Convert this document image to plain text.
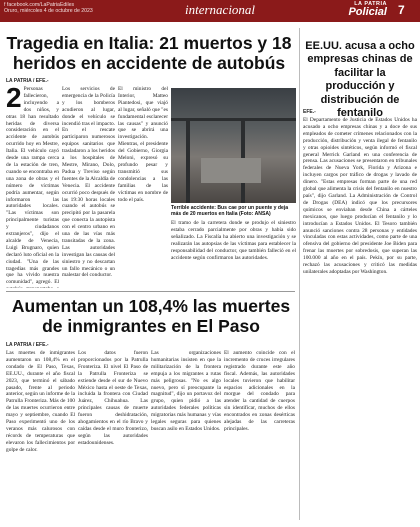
f facebook.com/LaPatriaEdiles
Oruro, miércoles 4 de octubre de 2023	internacional	LA PATRIA
Policial 7
Tragedia en Italia: 21 muertos y 18 heridos en accidente de autobús
LA PATRIA / EFE.-
2 Personas fallecieron, incluyendo a dos niños, y otras 18 han resultado heridas de diversa consideración en el accidente de autobús ocurrido hoy en Mestre, Italia. El vehículo cayó desde una rampa cerca de la estación de tren, cuando se encontraba en una zona de obras y el número de víctimas podría aumentar, según informaron las autoridades locales. "Las víctimas son principalmente turistas y ciudadanos extranjeros", dijo el alcalde de Venecia, Luigi Brugnaro, quien declaró luto oficial en la ciudad. "Una de las tragedias más grandes que ha vivido nuestra comunidad", agregó. El
Los servicios de emergencia de la Policía y los bomberos acudieron al lugar, donde el vehículo se incendió tras el impacto. En el rescate participaron numerosos equipos sanitarios que trasladaron a los heridos a los hospitales de Mestre, Mirano, Dolo, Padua y Treviso según fuentes de la Alcaldía de Venecia. El accidente ocurrió poco después de las 19:30 horas locales cuando el autobús se precipitó por la pasarela que conecta la autopista con el centro urbano en una de las vías más transitadas de la zona. Las autoridades investigan las causas del siniestro y no descartan un fallo mecánico o un malestar del conductor.
El ministro del Interior, Matteo Piantedosi, que viajó al lugar, señaló que "es fundamental esclarecer las causas" y anunció que se abrirá una investigación. Mientras, el presidente del Gobierno, Giorgia Meloni, expresó su profundo pesar y transmitió sus condolencias a las familias de las víctimas en nombre de todo el país.
Terrible accidente: Bus cae por un puente y deja más de 20 muertos en Italia (Foto: ANSA)
El tramo de la carretera donde se produjo el siniestro estaba cerrado parcialmente por obras y había sido señalizado. La Fiscalía ha abierto una investigación y se realizarán las autopsias de las víctimas para establecer la responsabilidad del conductor, que también falleció en el accidente según confirmaron las autoridades.
Aumentan un 108,4% las muertes de inmigrantes en El Paso
LA PATRIA / EFE.-
Las muertes de inmigrantes aumentaron un 108,4% en el condado de El Paso, Texas, EE.UU., durante el año fiscal 2023, que terminó el sábado pasado, frente al periodo anterior, según un informe de la Patrulla Fronteriza. Más de 100 de las muertes ocurrieron entre mayo y septiembre, cuando El Paso experimentó uno de los veranos más calurosos con récords de temperaturas que elevaron los fallecimientos por golpe de calor.
Los datos fueron proporcionados por la Patrulla Fronteriza. El nivel El Paso de la Patrulla Fronteriza se extiende desde el sur de Nuevo México hasta el oeste de Texas, incluida la frontera con Ciudad Juárez, Chihuahua. Las principales causas de muerte fueron deshidratación, ahogamientos en el río Bravo y caídas desde el muro fronterizo, según las autoridades estadounidenses.
Las organizaciones humanitarias insisten en que la militarización de la frontera empuja a los migrantes a rutas más peligrosas. "No es algo nuevo, pero sí preocupante la magnitud", dijo un portavoz del grupo, quien pidió a las autoridades federales políticas migratorias más humanas y vías legales seguras para quienes buscan asilo en Estados Unidos.
El aumento coincide con el incremento de cruces irregulares registrado durante este año fiscal. Además, las autoridades locales tuvieron que habilitar espacios adicionales en la morgue del condado para atender la cantidad de cuerpos sin identificar, muchos de ellos encontrados en zonas desérticas alejadas de las carreteras principales.
EE.UU. acusa a ocho empresas chinas de facilitar la producción y distribución de fentanilo
EFE.-
El Departamento de Justicia de Estados Unidos ha acusado a ocho empresas chinas y a doce de sus empleados de cometer crímenes relacionados con la producción, distribución y venta ilegal de fentanilo y otras opioides sintéticos, según informó el fiscal general Merrick Garland en una conferencia de prensa. Las acusaciones se presentaron en tribunales federales de Nueva York, Florida y Arizona e incluyen cargos por tráfico de drogas y lavado de dinero. "Estas empresas forman parte de una red global que alimenta la crisis del fentanilo en nuestro país", dijo Garland. La Administración de Control de Drogas (DEA) indicó que los precursores químicos se enviaban desde China a cárteles mexicanos, que luego producían el fentanilo y lo introducían a Estados Unidos. El Tesoro también anunció sanciones contra 28 personas y entidades vinculadas con estas actividades, como parte de una ofensiva del gobierno del presidente Joe Biden para frenar las muertes por sobredosis, que superan las 100.000 al año en el país. Pekín, por su parte, rechazó las acusaciones y criticó las medidas unilaterales adoptadas por Washington.
